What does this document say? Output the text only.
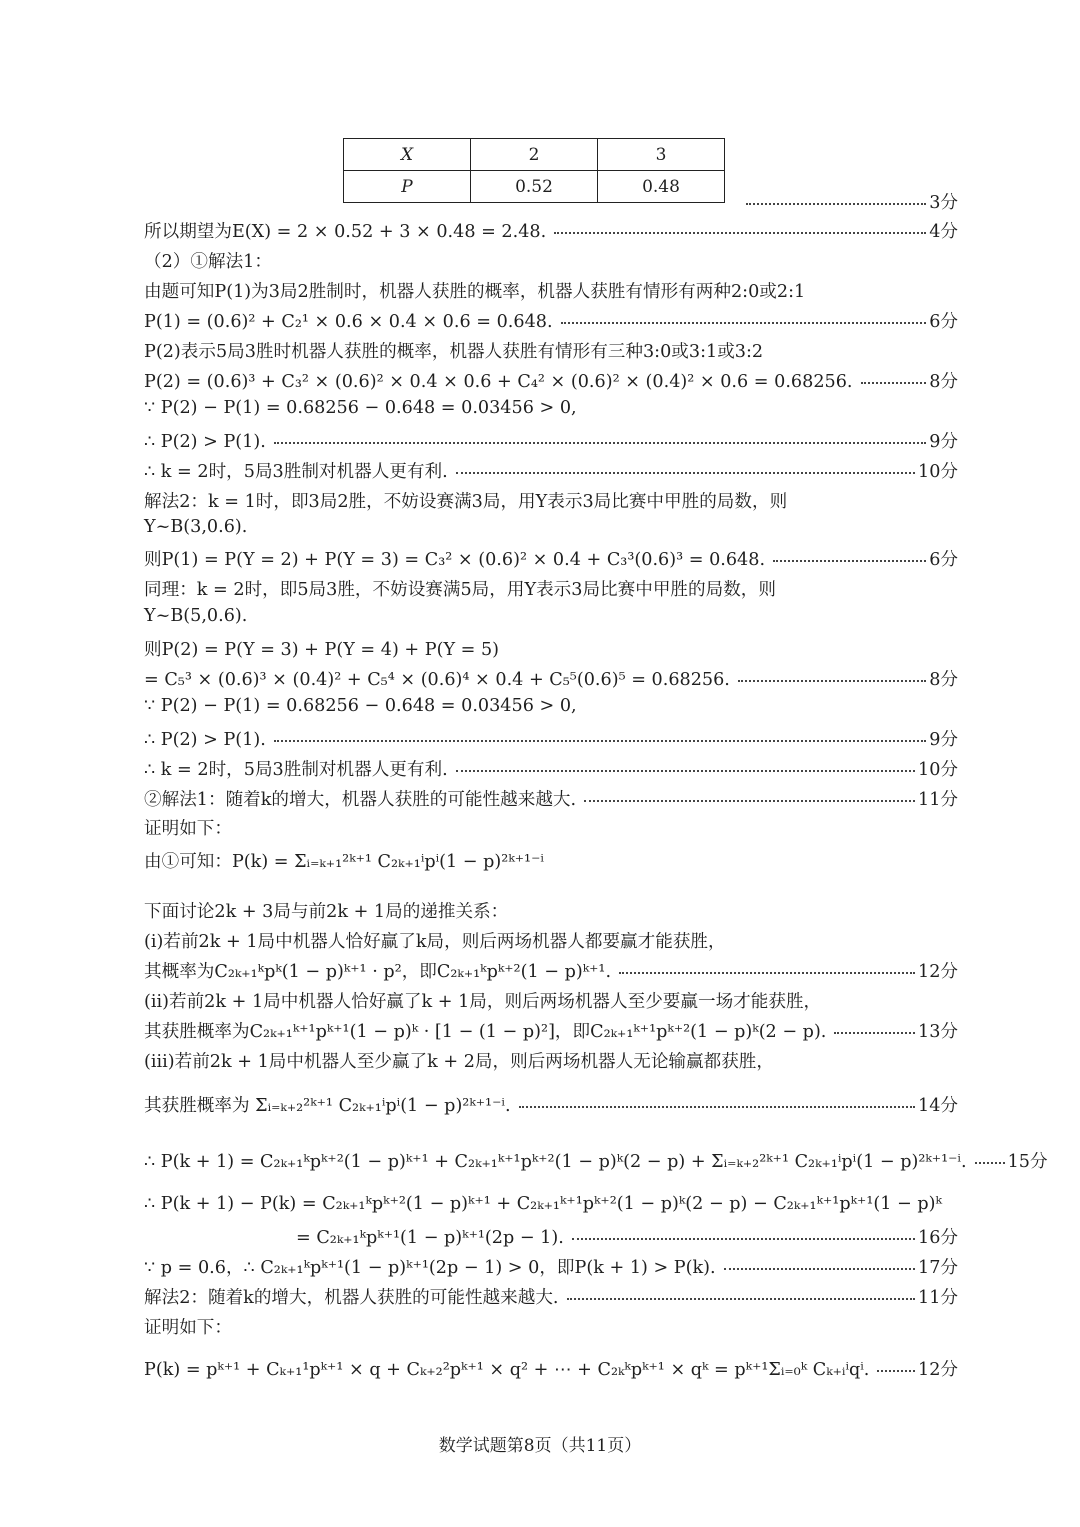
X	2	3
P	0.52	0.48
3分
所以期望为E(X) = 2 × 0.52 + 3 × 0.48 = 2.48.	4分
（2）①解法1：
由题可知P(1)为3局2胜制时，机器人获胜的概率，机器人获胜有情形有两种2:0或2:1
P(1) = (0.6)² + C₂¹ × 0.6 × 0.4 × 0.6 = 0.648.	6分
P(2)表示5局3胜时机器人获胜的概率，机器人获胜有情形有三种3:0或3:1或3:2
P(2) = (0.6)³ + C₃² × (0.6)² × 0.4 × 0.6 + C₄² × (0.6)² × (0.4)² × 0.6 = 0.68256.	8分
∵ P(2) − P(1) = 0.68256 − 0.648 = 0.03456 > 0,
∴ P(2) > P(1).	9分
∴ k = 2时，5局3胜制对机器人更有利.	10分
解法2：k = 1时，即3局2胜，不妨设赛满3局，用Y表示3局比赛中甲胜的局数，则
Y~B(3,0.6).
则P(1) = P(Y = 2) + P(Y = 3) = C₃² × (0.6)² × 0.4 + C₃³(0.6)³ = 0.648.	6分
同理：k = 2时，即5局3胜，不妨设赛满5局，用Y表示3局比赛中甲胜的局数，则
Y~B(5,0.6).
则P(2) = P(Y = 3) + P(Y = 4) + P(Y = 5)
= C₅³ × (0.6)³ × (0.4)² + C₅⁴ × (0.6)⁴ × 0.4 + C₅⁵(0.6)⁵ = 0.68256.	8分
∵ P(2) − P(1) = 0.68256 − 0.648 = 0.03456 > 0,
∴ P(2) > P(1).	9分
∴ k = 2时，5局3胜制对机器人更有利.	10分
②解法1：随着k的增大，机器人获胜的可能性越来越大.	11分
证明如下：
由①可知：P(k) = Σᵢ₌ₖ₊₁²ᵏ⁺¹ C₂ₖ₊₁ⁱpⁱ(1 − p)²ᵏ⁺¹⁻ⁱ
下面讨论2k + 3局与前2k + 1局的递推关系：
(i)若前2k + 1局中机器人恰好赢了k局，则后两场机器人都要赢才能获胜，
其概率为C₂ₖ₊₁ᵏpᵏ(1 − p)ᵏ⁺¹ · p²，即C₂ₖ₊₁ᵏpᵏ⁺²(1 − p)ᵏ⁺¹.	12分
(ii)若前2k + 1局中机器人恰好赢了k + 1局，则后两场机器人至少要赢一场才能获胜，
其获胜概率为C₂ₖ₊₁ᵏ⁺¹pᵏ⁺¹(1 − p)ᵏ · [1 − (1 − p)²]，即C₂ₖ₊₁ᵏ⁺¹pᵏ⁺²(1 − p)ᵏ(2 − p).	13分
(iii)若前2k + 1局中机器人至少赢了k + 2局，则后两场机器人无论输赢都获胜，
其获胜概率为 Σᵢ₌ₖ₊₂²ᵏ⁺¹ C₂ₖ₊₁ⁱpⁱ(1 − p)²ᵏ⁺¹⁻ⁱ.	14分
∴ P(k + 1) = C₂ₖ₊₁ᵏpᵏ⁺²(1 − p)ᵏ⁺¹ + C₂ₖ₊₁ᵏ⁺¹pᵏ⁺²(1 − p)ᵏ(2 − p) + Σᵢ₌ₖ₊₂²ᵏ⁺¹ C₂ₖ₊₁ⁱpⁱ(1 − p)²ᵏ⁺¹⁻ⁱ. 15分
∴ P(k + 1) − P(k) = C₂ₖ₊₁ᵏpᵏ⁺²(1 − p)ᵏ⁺¹ + C₂ₖ₊₁ᵏ⁺¹pᵏ⁺²(1 − p)ᵏ(2 − p) − C₂ₖ₊₁ᵏ⁺¹pᵏ⁺¹(1 − p)ᵏ
= C₂ₖ₊₁ᵏpᵏ⁺¹(1 − p)ᵏ⁺¹(2p − 1).	16分
∵ p = 0.6，∴ C₂ₖ₊₁ᵏpᵏ⁺¹(1 − p)ᵏ⁺¹(2p − 1) > 0，即P(k + 1) > P(k).	17分
解法2：随着k的增大，机器人获胜的可能性越来越大.	11分
证明如下：
P(k) = pᵏ⁺¹ + Cₖ₊₁¹pᵏ⁺¹ × q + Cₖ₊₂²pᵏ⁺¹ × q² + ⋯ + C₂ₖᵏpᵏ⁺¹ × qᵏ = pᵏ⁺¹Σᵢ₌₀ᵏ Cₖ₊ᵢⁱqⁱ.	12分
数学试题第8页（共11页）
